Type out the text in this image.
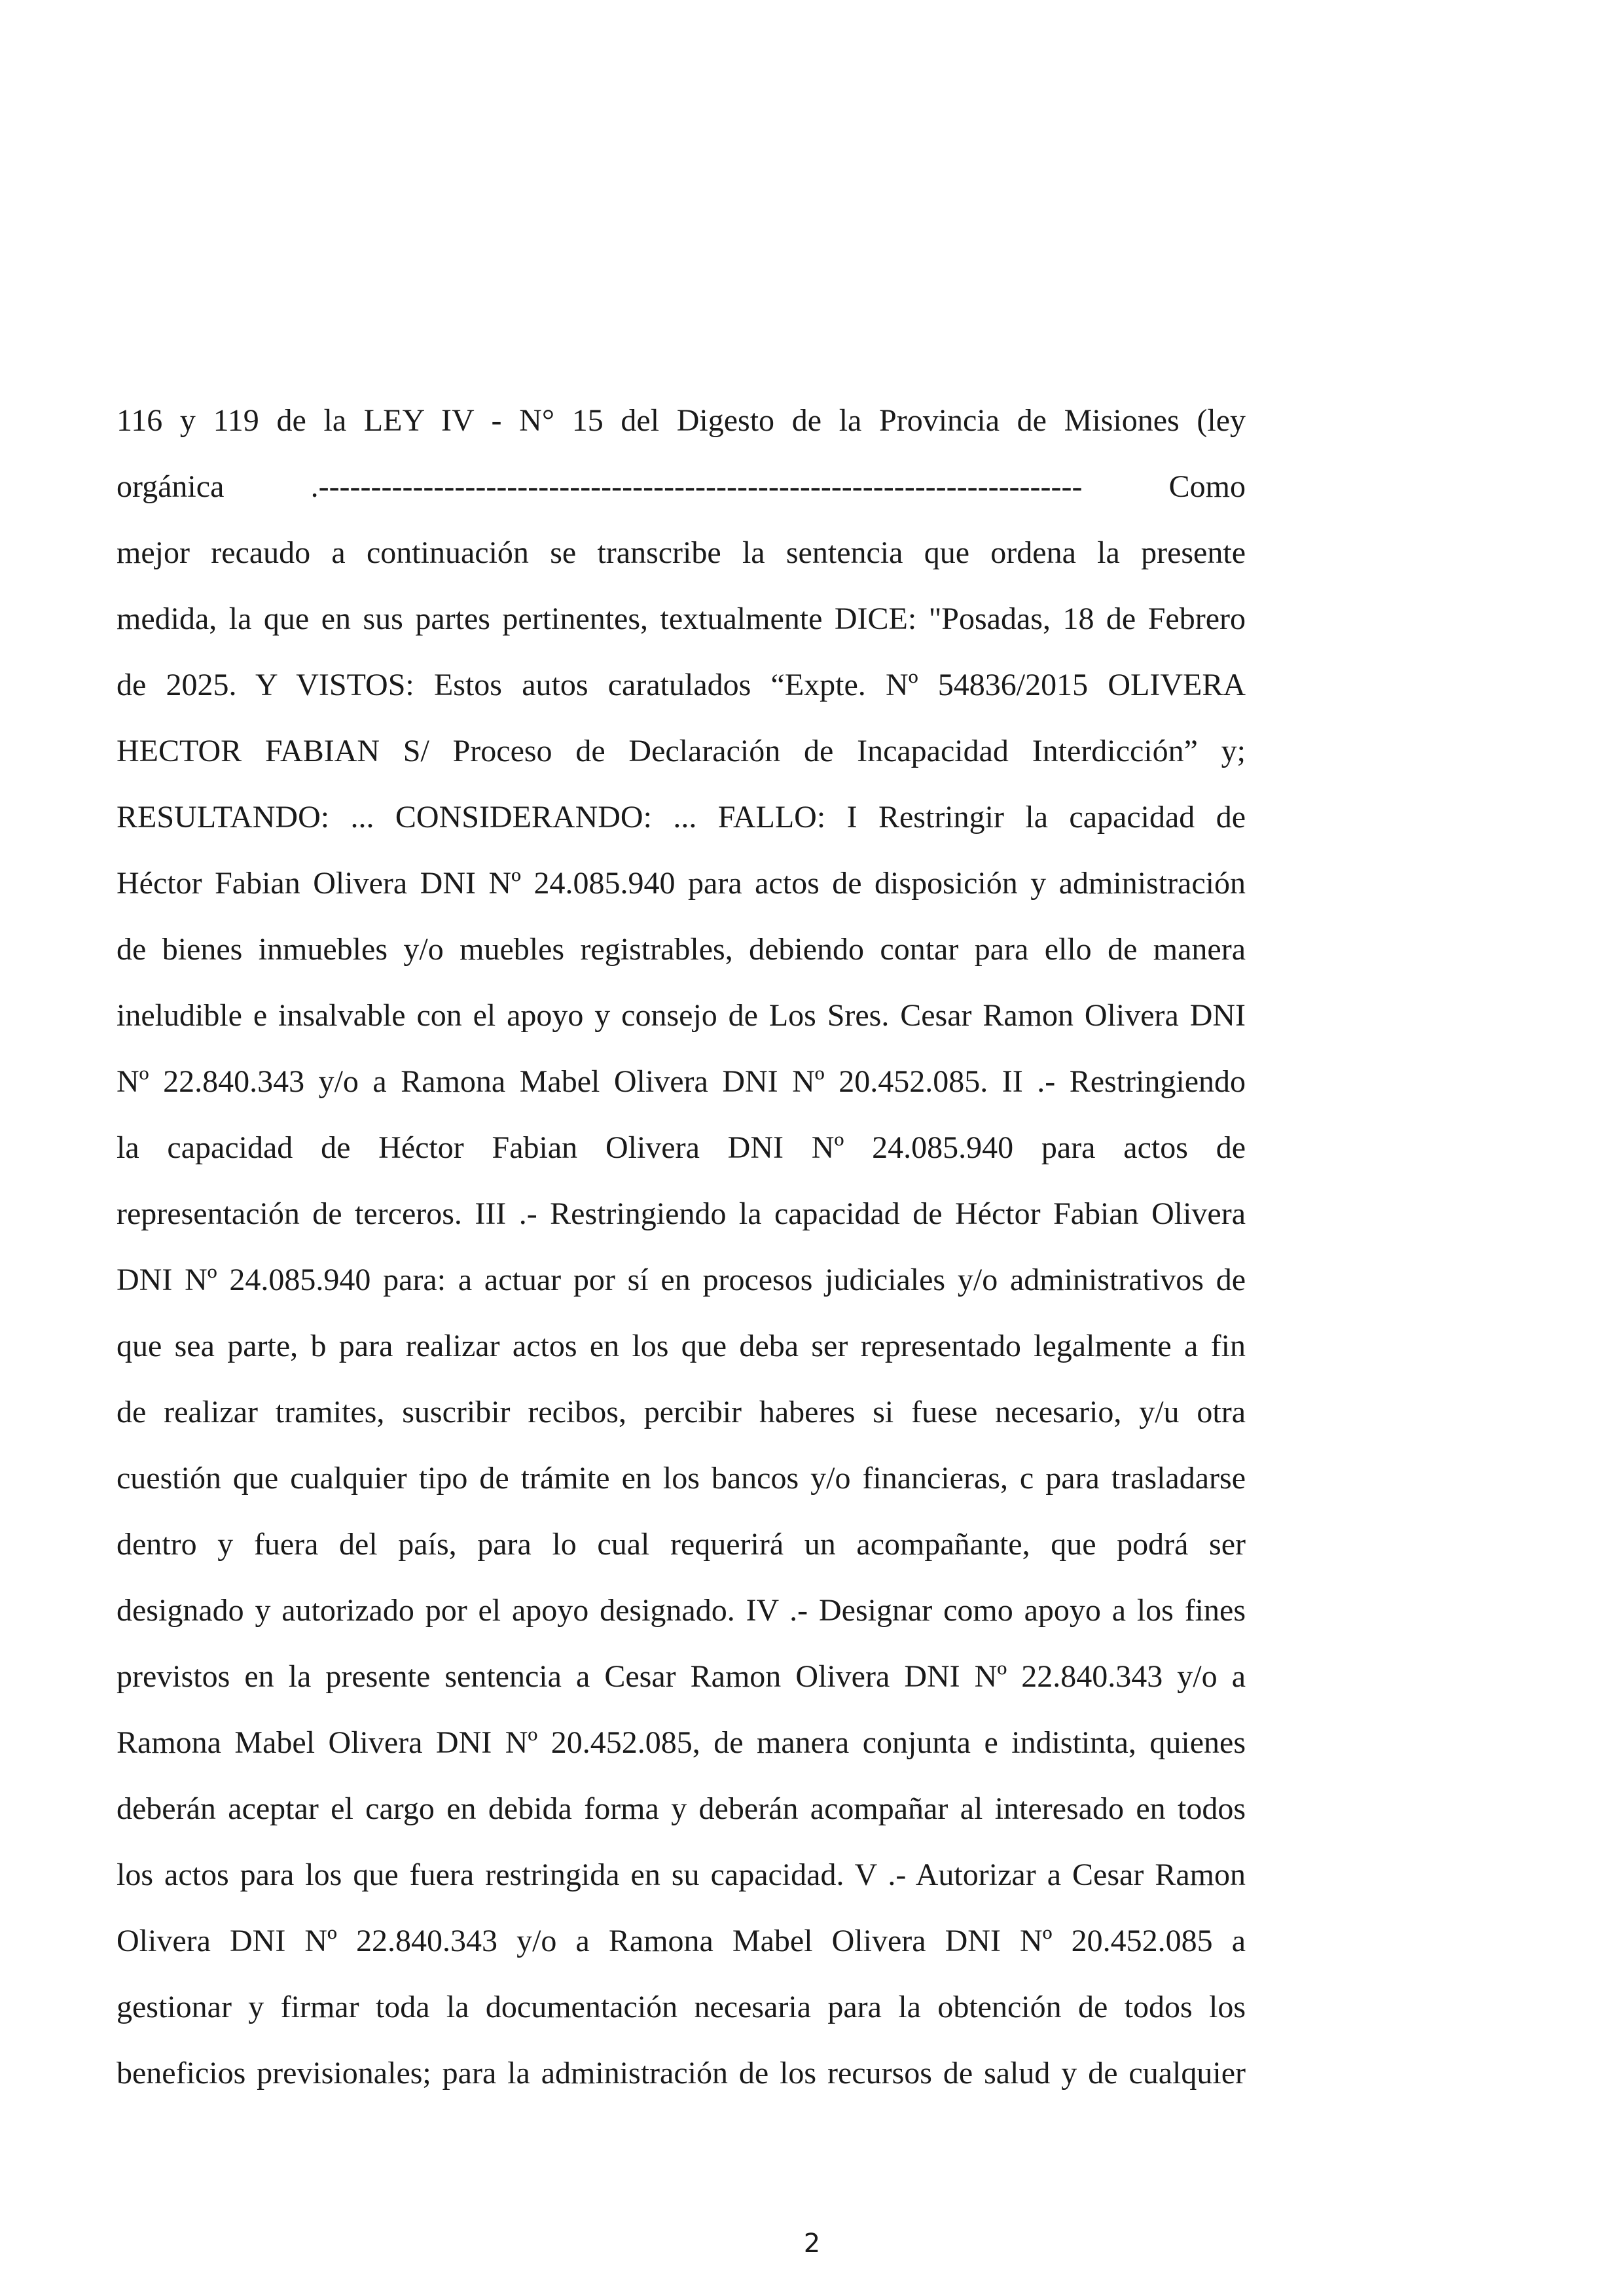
116 y 119 de la LEY IV - N° 15 del Digesto de la Provincia de Misiones (ley
orgánica .------------------------------------------------------------------------- Como
mejor recaudo a continuación se transcribe la sentencia que ordena la presente
medida, la que en sus partes pertinentes, textualmente DICE: "Posadas, 18 de Febrero
de 2025. Y VISTOS: Estos autos caratulados “Expte. Nº 54836/2015 OLIVERA
HECTOR FABIAN S/ Proceso de Declaración de Incapacidad Interdicción” y;
RESULTANDO: ... CONSIDERANDO: ... FALLO: I Restringir la capacidad de
Héctor Fabian Olivera DNI Nº 24.085.940 para actos de disposición y administración
de bienes inmuebles y/o muebles registrables, debiendo contar para ello de manera
ineludible e insalvable con el apoyo y consejo de Los Sres. Cesar Ramon Olivera DNI
Nº 22.840.343 y/o a Ramona Mabel Olivera DNI Nº 20.452.085. II .- Restringiendo
la capacidad de Héctor Fabian Olivera DNI Nº 24.085.940 para actos de
representación de terceros. III .- Restringiendo la capacidad de Héctor Fabian Olivera
DNI Nº 24.085.940 para: a actuar por sí en procesos judiciales y/o administrativos de
que sea parte, b para realizar actos en los que deba ser representado legalmente a fin
de realizar tramites, suscribir recibos, percibir haberes si fuese necesario, y/u otra
cuestión que cualquier tipo de trámite en los bancos y/o financieras, c para trasladarse
dentro y fuera del país, para lo cual requerirá un acompañante, que podrá ser
designado y autorizado por el apoyo designado. IV .- Designar como apoyo a los fines
previstos en la presente sentencia a Cesar Ramon Olivera DNI Nº 22.840.343 y/o a
Ramona Mabel Olivera DNI Nº 20.452.085, de manera conjunta e indistinta, quienes
deberán aceptar el cargo en debida forma y deberán acompañar al interesado en todos
los actos para los que fuera restringida en su capacidad. V .- Autorizar a Cesar Ramon
Olivera DNI Nº 22.840.343 y/o a Ramona Mabel Olivera DNI Nº 20.452.085 a
gestionar y firmar toda la documentación necesaria para la obtención de todos los
beneficios previsionales; para la administración de los recursos de salud y de cualquier
2
